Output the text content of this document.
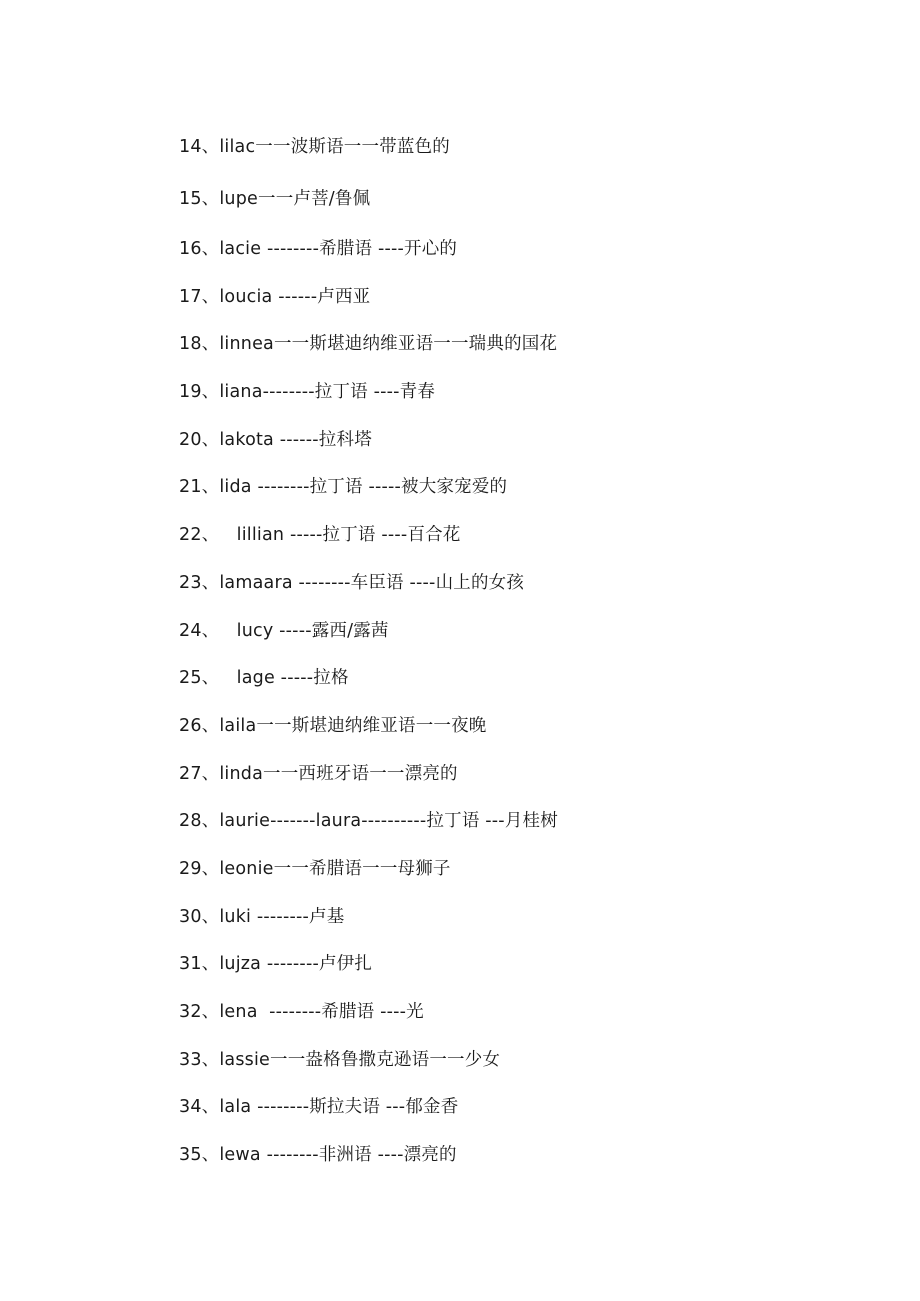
14、lilac一一波斯语一一带蓝色的
15、lupe一一卢菩/鲁佩
16、lacie --------希腊语 ----开心的
17、loucia ------卢西亚
18、linnea一一斯堪迪纳维亚语一一瑞典的国花
19、liana--------拉丁语 ----青春
20、lakota ------拉科塔
21、lida --------拉丁语 -----被大家宠爱的
22、   lillian -----拉丁语 ----百合花
23、lamaara --------车臣语 ----山上的女孩
24、   lucy -----露西/露茜
25、   lage -----拉格
26、laila一一斯堪迪纳维亚语一一夜晚
27、linda一一西班牙语一一漂亮的
28、laurie-------laura----------拉丁语 ---月桂树
29、leonie一一希腊语一一母狮子
30、luki --------卢基
31、lujza --------卢伊扎
32、lena  --------希腊语 ----光
33、lassie一一盎格鲁撒克逊语一一少女
34、lala --------斯拉夫语 ---郁金香
35、lewa --------非洲语 ----漂亮的
